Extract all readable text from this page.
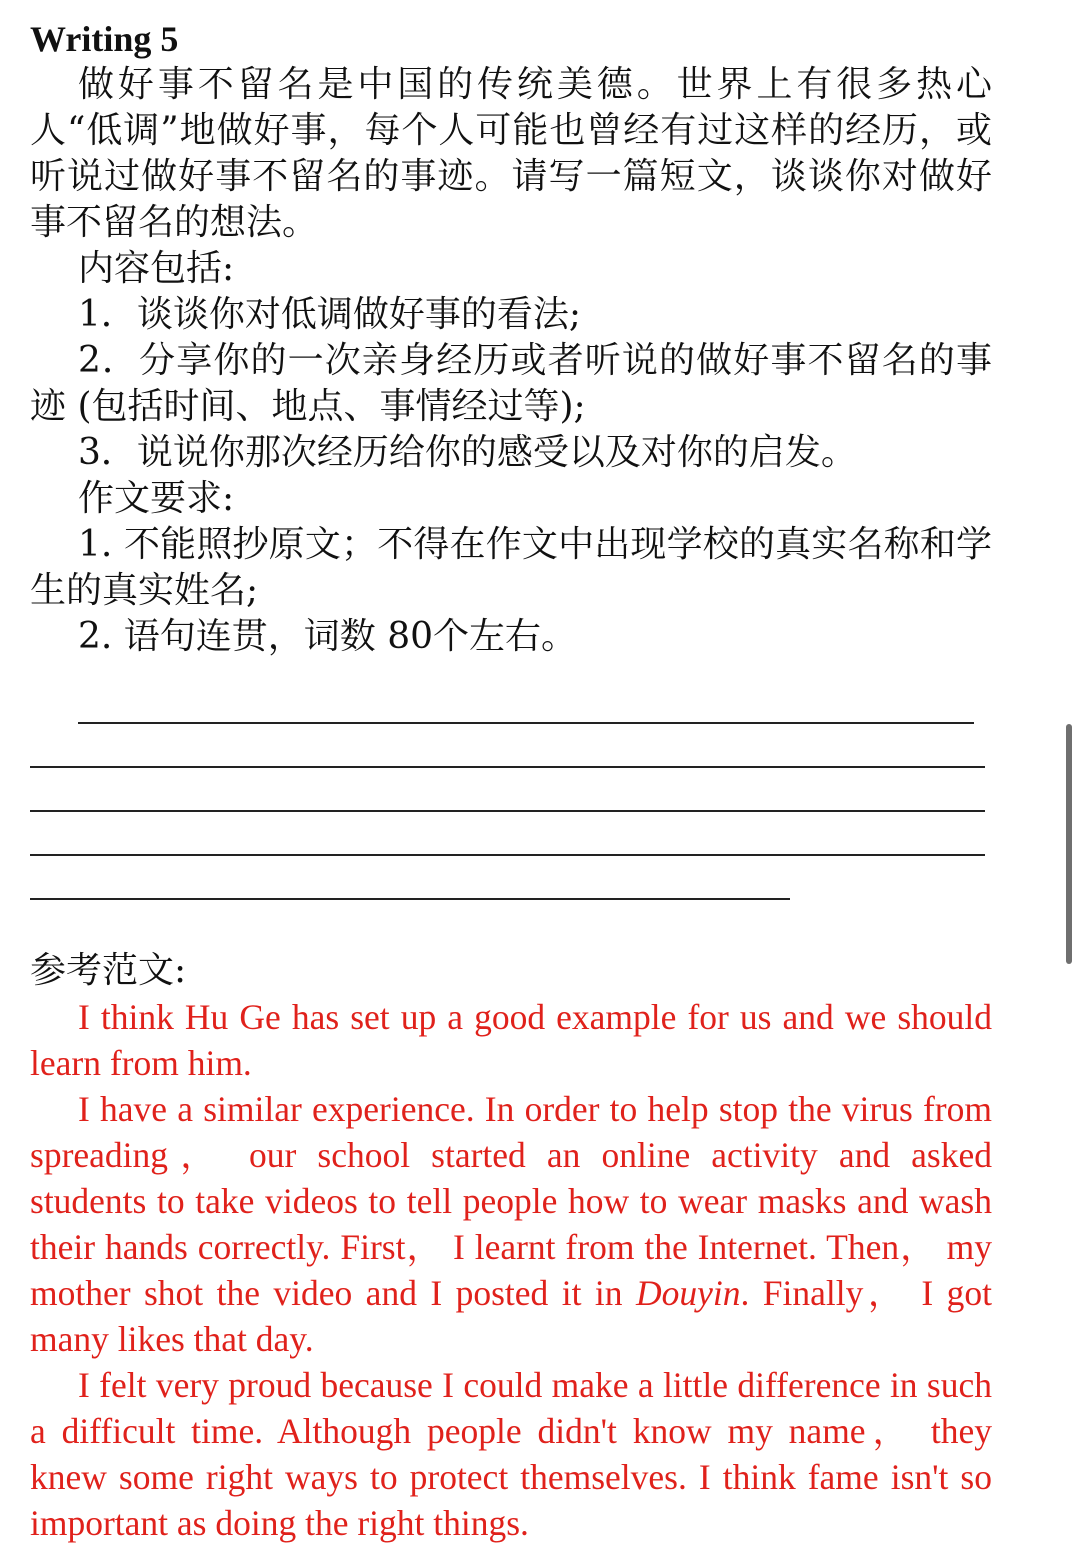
Writing 5

做好事不留名是中国的传统美德。世界上有很多热心人“低调”地做好事，每个人可能也曾经有过这样的经历，或听说过做好事不留名的事迹。请写一篇短文，谈谈你对做好事不留名的想法。

内容包括:

1．谈谈你对低调做好事的看法;

2．分享你的一次亲身经历或者听说的做好事不留名的事迹 (包括时间、地点、事情经过等);

3．说说你那次经历给你的感受以及对你的启发。

作文要求:

1. 不能照抄原文；不得在作文中出现学校的真实名称和学生的真实姓名;

2. 语句连贯，词数 80个左右。

参考范文:

I think Hu Ge has set up a good example for us and we should learn from him.

I have a similar experience. In order to help stop the virus from spreading， our school started an online activity and asked students to take videos to tell people how to wear masks and wash their hands correctly. First， I learnt from the Internet. Then， my mother shot the video and I posted it in Douyin. Finally， I got many likes that day.

I felt very proud because I could make a little difference in such a difficult time. Although people didn't know my name， they knew some right ways to protect themselves. I think fame isn't so important as doing the right things.
